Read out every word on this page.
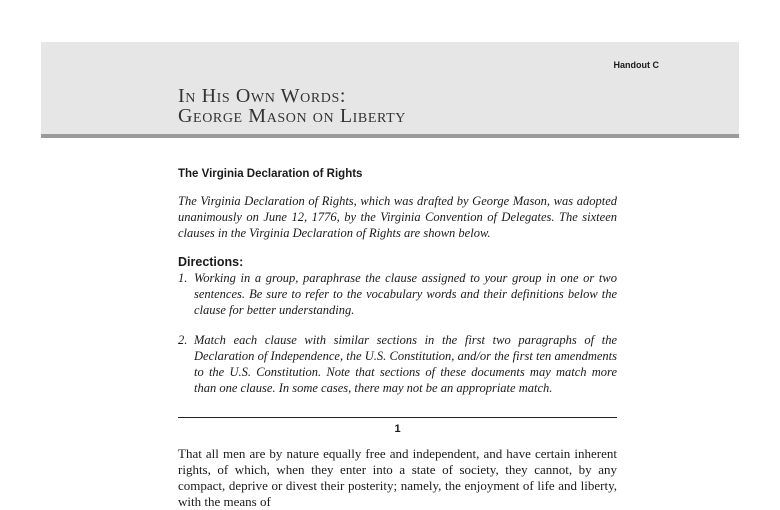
Handout C
In His Own Words:
George Mason on Liberty
The Virginia Declaration of Rights

The Virginia Declaration of Rights, which was drafted by George Mason, was adopted unanimously on June 12, 1776, by the Virginia Convention of Delegates. The sixteen clauses in the Virginia Declaration of Rights are shown below.

Directions:
1. Working in a group, paraphrase the clause assigned to your group in one or two sentences. Be sure to refer to the vocabulary words and their definitions below the clause for better understanding.
2. Match each clause with similar sections in the first two paragraphs of the Declaration of Independence, the U.S. Constitution, and/or the first ten amendments to the U.S. Constitution. Note that sections of these documents may match more than one clause. In some cases, there may not be an appropriate match.
1

That all men are by nature equally free and independent, and have certain inherent rights, of which, when they enter into a state of society, they cannot, by any compact, deprive or divest their posterity; namely, the enjoyment of life and liberty, with the means of
